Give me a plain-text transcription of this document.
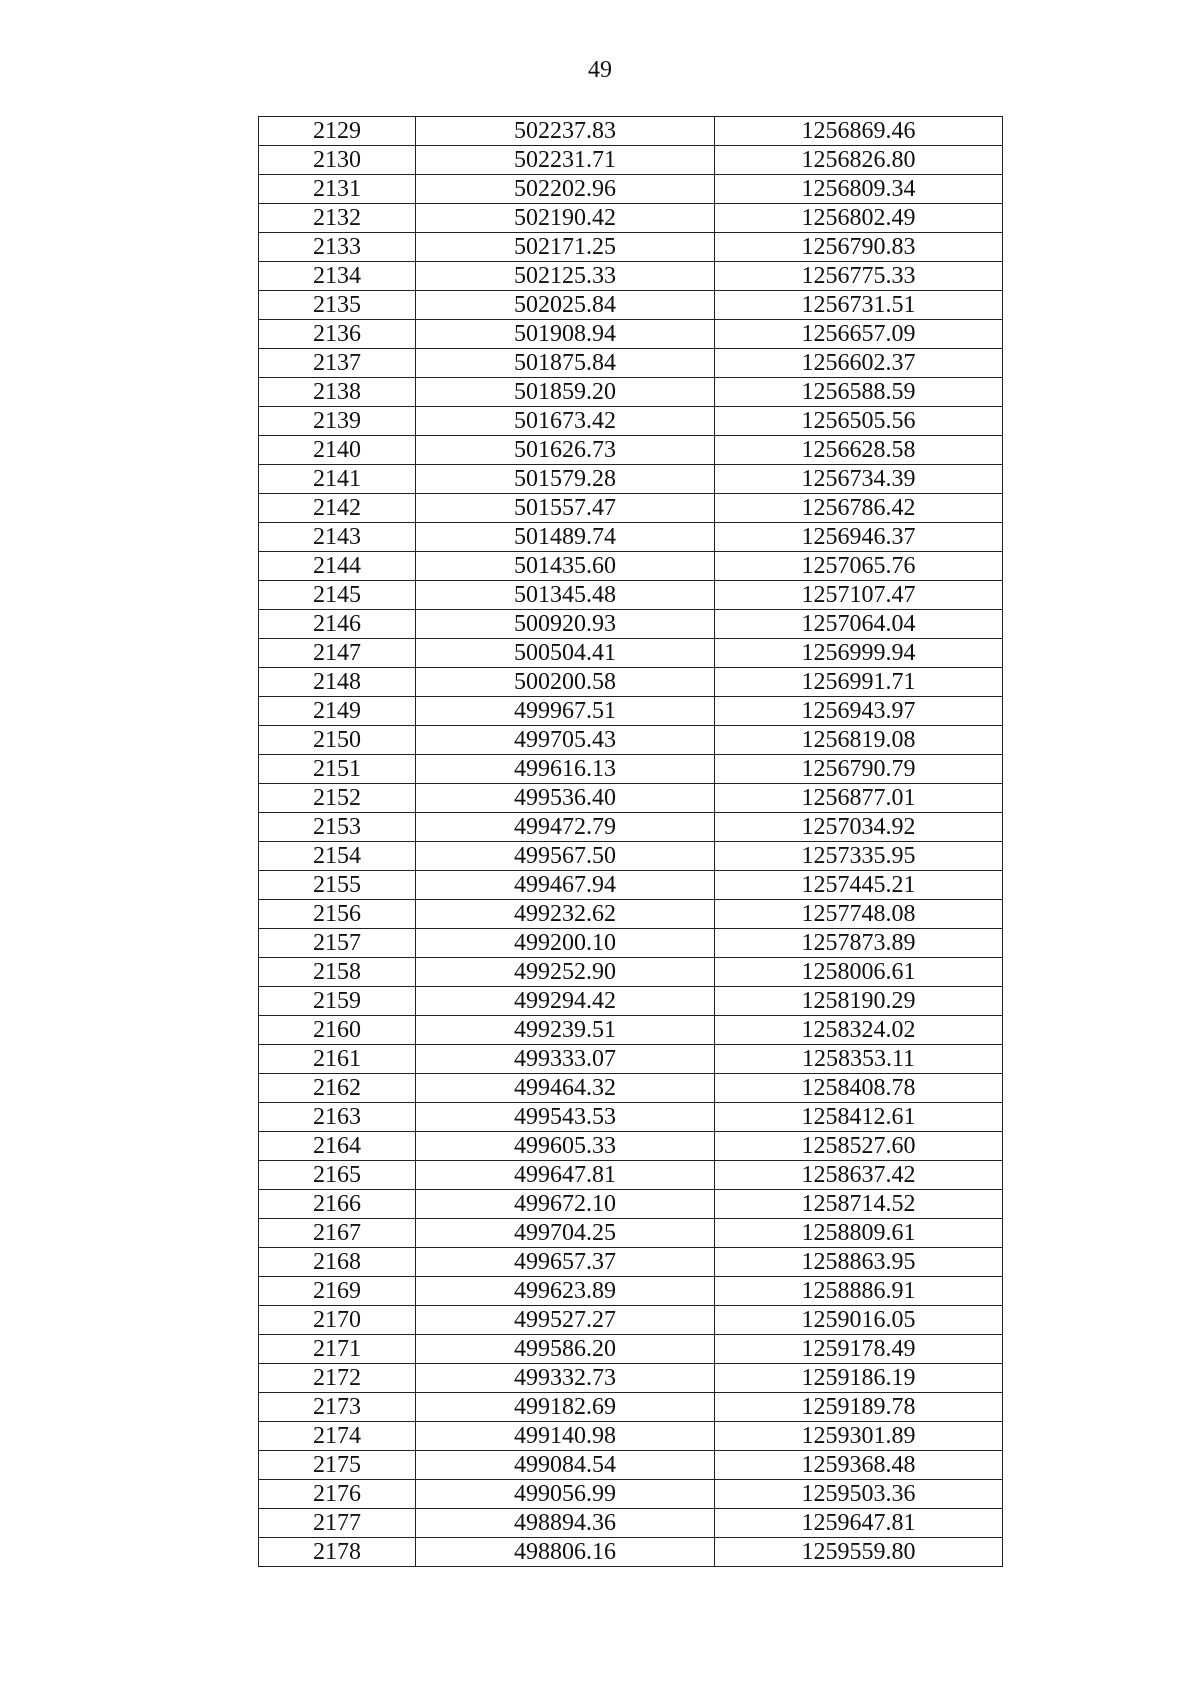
49
2129	502237.83	1256869.46
2130	502231.71	1256826.80
2131	502202.96	1256809.34
2132	502190.42	1256802.49
2133	502171.25	1256790.83
2134	502125.33	1256775.33
2135	502025.84	1256731.51
2136	501908.94	1256657.09
2137	501875.84	1256602.37
2138	501859.20	1256588.59
2139	501673.42	1256505.56
2140	501626.73	1256628.58
2141	501579.28	1256734.39
2142	501557.47	1256786.42
2143	501489.74	1256946.37
2144	501435.60	1257065.76
2145	501345.48	1257107.47
2146	500920.93	1257064.04
2147	500504.41	1256999.94
2148	500200.58	1256991.71
2149	499967.51	1256943.97
2150	499705.43	1256819.08
2151	499616.13	1256790.79
2152	499536.40	1256877.01
2153	499472.79	1257034.92
2154	499567.50	1257335.95
2155	499467.94	1257445.21
2156	499232.62	1257748.08
2157	499200.10	1257873.89
2158	499252.90	1258006.61
2159	499294.42	1258190.29
2160	499239.51	1258324.02
2161	499333.07	1258353.11
2162	499464.32	1258408.78
2163	499543.53	1258412.61
2164	499605.33	1258527.60
2165	499647.81	1258637.42
2166	499672.10	1258714.52
2167	499704.25	1258809.61
2168	499657.37	1258863.95
2169	499623.89	1258886.91
2170	499527.27	1259016.05
2171	499586.20	1259178.49
2172	499332.73	1259186.19
2173	499182.69	1259189.78
2174	499140.98	1259301.89
2175	499084.54	1259368.48
2176	499056.99	1259503.36
2177	498894.36	1259647.81
2178	498806.16	1259559.80
